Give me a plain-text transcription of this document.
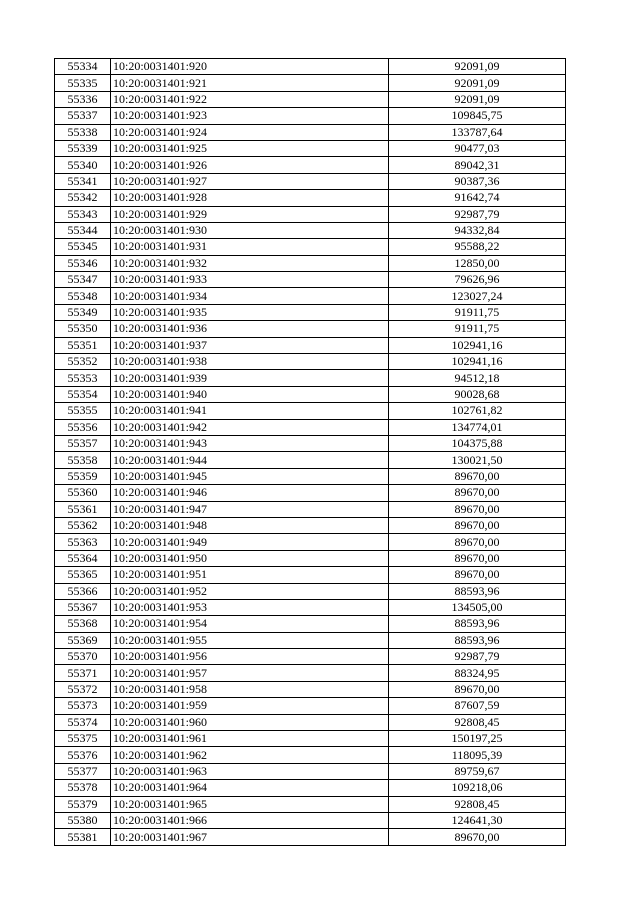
55334	10:20:0031401:920	92091,09
55335	10:20:0031401:921	92091,09
55336	10:20:0031401:922	92091,09
55337	10:20:0031401:923	109845,75
55338	10:20:0031401:924	133787,64
55339	10:20:0031401:925	90477,03
55340	10:20:0031401:926	89042,31
55341	10:20:0031401:927	90387,36
55342	10:20:0031401:928	91642,74
55343	10:20:0031401:929	92987,79
55344	10:20:0031401:930	94332,84
55345	10:20:0031401:931	95588,22
55346	10:20:0031401:932	12850,00
55347	10:20:0031401:933	79626,96
55348	10:20:0031401:934	123027,24
55349	10:20:0031401:935	91911,75
55350	10:20:0031401:936	91911,75
55351	10:20:0031401:937	102941,16
55352	10:20:0031401:938	102941,16
55353	10:20:0031401:939	94512,18
55354	10:20:0031401:940	90028,68
55355	10:20:0031401:941	102761,82
55356	10:20:0031401:942	134774,01
55357	10:20:0031401:943	104375,88
55358	10:20:0031401:944	130021,50
55359	10:20:0031401:945	89670,00
55360	10:20:0031401:946	89670,00
55361	10:20:0031401:947	89670,00
55362	10:20:0031401:948	89670,00
55363	10:20:0031401:949	89670,00
55364	10:20:0031401:950	89670,00
55365	10:20:0031401:951	89670,00
55366	10:20:0031401:952	88593,96
55367	10:20:0031401:953	134505,00
55368	10:20:0031401:954	88593,96
55369	10:20:0031401:955	88593,96
55370	10:20:0031401:956	92987,79
55371	10:20:0031401:957	88324,95
55372	10:20:0031401:958	89670,00
55373	10:20:0031401:959	87607,59
55374	10:20:0031401:960	92808,45
55375	10:20:0031401:961	150197,25
55376	10:20:0031401:962	118095,39
55377	10:20:0031401:963	89759,67
55378	10:20:0031401:964	109218,06
55379	10:20:0031401:965	92808,45
55380	10:20:0031401:966	124641,30
55381	10:20:0031401:967	89670,00
